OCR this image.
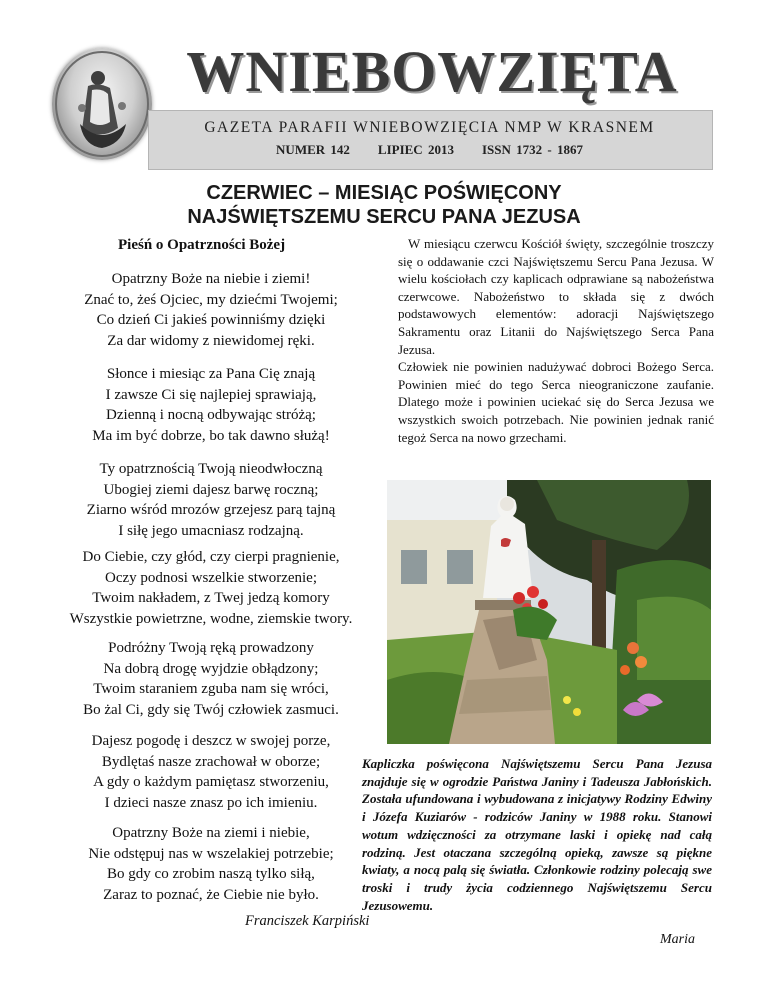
WNIEBOWZIĘTA
GAZETA PARAFII WNIEBOWZIĘCIA NMP W KRASNEM
NUMER 142 LIPIEC 2013 ISSN 1732 - 1867
CZERWIEC – MIESIĄC POŚWIĘCONY
NAJŚWIĘTSZEMU SERCU PANA JEZUSA
Pieśń o Opatrzności Bożej
Opatrzny Boże na niebie i ziemi!
Znać to, żeś Ojciec, my dziećmi Twojemi;
Co dzień Ci jakieś powinniśmy dzięki
Za dar widomy z niewidomej ręki.
Słonce i miesiąc za Pana Cię znają
I zawsze Ci się najlepiej sprawiają,
Dzienną i nocną odbywając stróżą;
Ma im być dobrze, bo tak dawno służą!
Ty opatrznością Twoją nieodwłoczną
Ubogiej ziemi dajesz barwę roczną;
Ziarno wśród mrozów grzejesz parą tajną
I siłę jego umacniasz rodzajną.
Do Ciebie, czy głód, czy cierpi pragnienie,
Oczy podnosi wszelkie stworzenie;
Twoim nakładem, z Twej jedzą komory
Wszystkie powietrzne, wodne, ziemskie twory.
Podróżny Twoją ręką prowadzony
Na dobrą drogę wyjdzie obłądzony;
Twoim staraniem zguba nam się wróci,
Bo żal Ci, gdy się Twój człowiek zasmuci.
Dajesz pogodę i deszcz w swojej porze,
Bydlętaś nasze zrachował w oborze;
A gdy o każdym pamiętasz stworzeniu,
I dzieci nasze znasz po ich imieniu.
Opatrzny Boże na ziemi i niebie,
Nie odstępuj nas w wszelakiej potrzebie;
Bo gdy co zrobim naszą tylko siłą,
Zaraz to poznać, że Ciebie nie było.
Franciszek Karpiński

W miesiącu czerwcu Kościół święty, szczególnie troszczy się o oddawanie czci Najświętszemu Sercu Pana Jezusa. W wielu kościołach czy kaplicach odprawiane są nabożeństwa czerwcowe. Nabożeństwo to składa się z dwóch podstawowych elementów: adoracji Najświętszego Sakramentu oraz Litanii do Najświętszego Serca Pana Jezusa.

Człowiek nie powinien nadużywać dobroci Bożego Serca. Powinien mieć do tego Serca nieograniczone zaufanie. Dlatego może i powinien uciekać się do Serca Jezusa we wszystkich swoich potrzebach. Nie powinien jednak ranić tegoż Serca na nowo grzechami.

Kapliczka poświęcona Najświętszemu Sercu Pana Jezusa znajduje się w ogrodzie Państwa Janiny i Tadeusza Jabłońskich. Została ufundowana i wybudowana z inicjatywy Rodziny Edwiny i Józefa Kuziarów - rodziców Janiny w 1988 roku. Stanowi wotum wdzięczności za otrzymane laski i opiekę nad całą rodziną. Jest otaczana szczególną opieką, zawsze są piękne kwiaty, a nocą palą się światła. Członkowie rodziny polecają swe troski i trudy życia codziennego Najświętszemu Sercu Jezusowemu.
Maria
